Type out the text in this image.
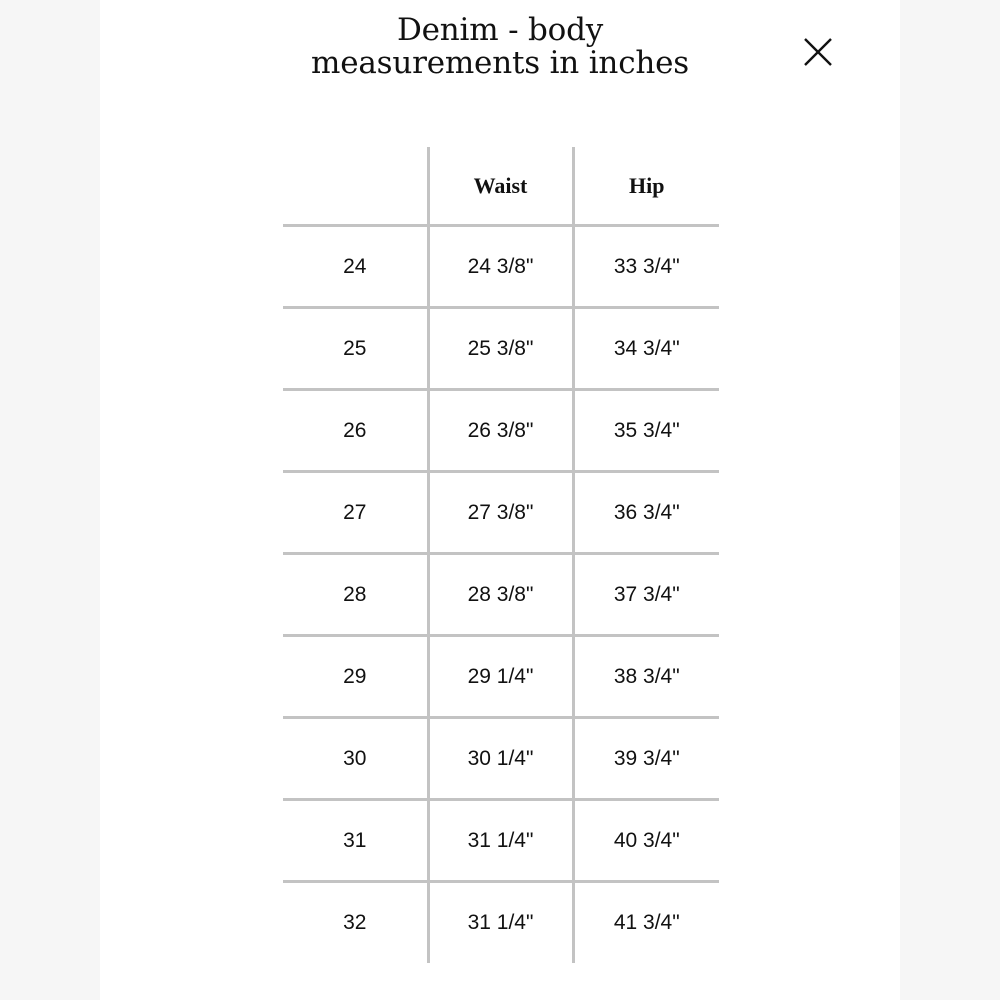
Denim - body
measurements in inches
	Waist	Hip
24	24 3/8"	33 3/4"
25	25 3/8"	34 3/4"
26	26 3/8"	35 3/4"
27	27 3/8"	36 3/4"
28	28 3/8"	37 3/4"
29	29 1/4"	38 3/4"
30	30 1/4"	39 3/4"
31	31 1/4"	40 3/4"
32	31 1/4"	41 3/4"
